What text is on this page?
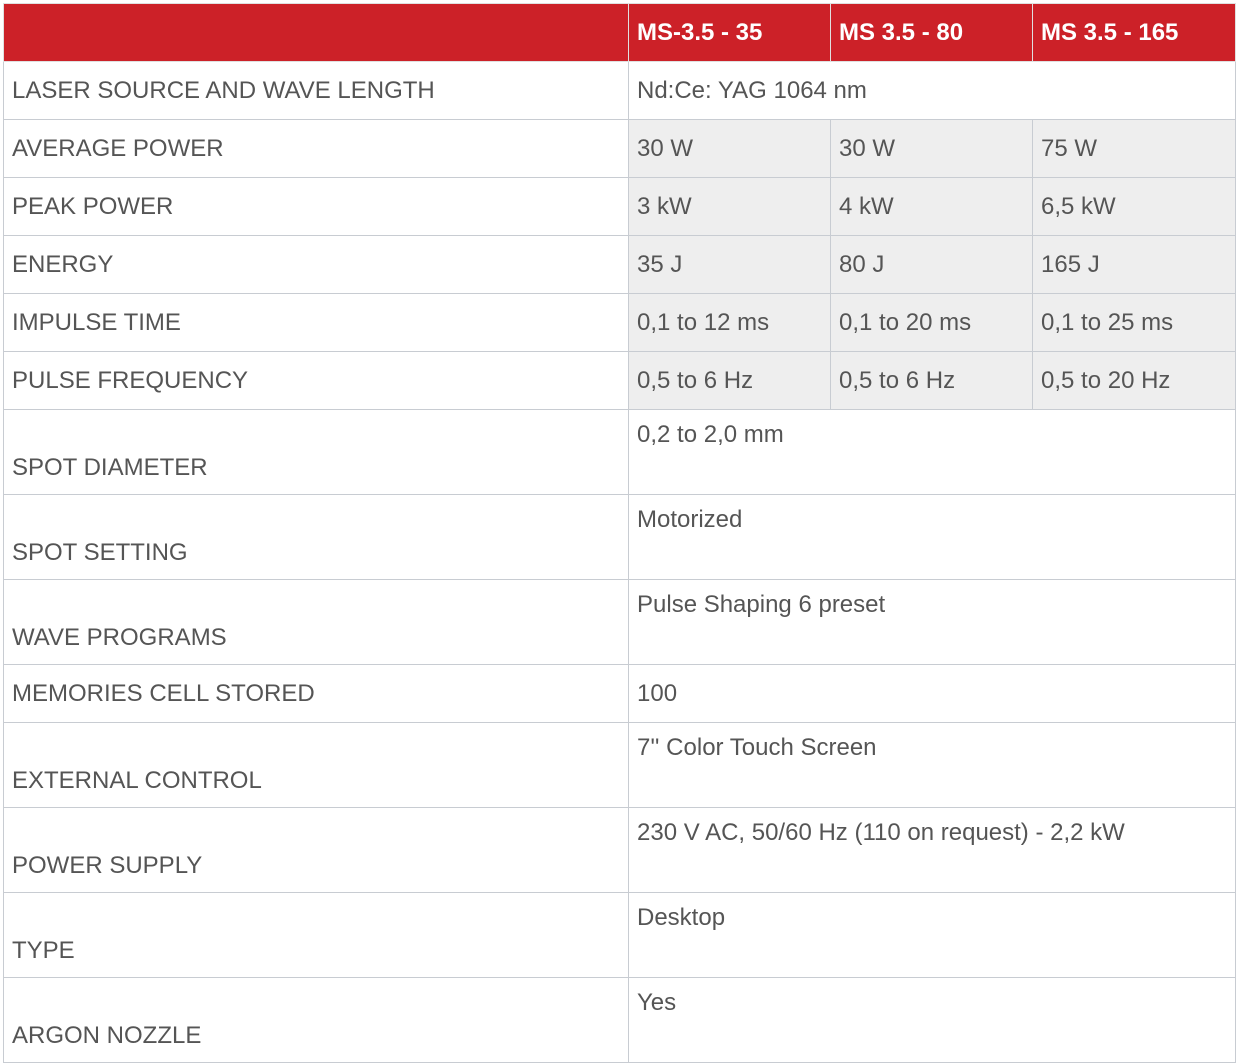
	MS-3.5 - 35	MS 3.5 - 80	MS 3.5 - 165
LASER SOURCE AND WAVE LENGTH	Nd:Ce: YAG 1064 nm		
AVERAGE POWER	30 W	30 W	75 W
PEAK POWER	3 kW	4 kW	6,5 kW
ENERGY	35 J	80 J	165 J
IMPULSE TIME	0,1 to 12 ms	0,1 to 20 ms	0,1 to 25 ms
PULSE FREQUENCY	0,5 to 6 Hz	0,5 to 6 Hz	0,5 to 20 Hz
SPOT DIAMETER	0,2 to 2,0 mm		
SPOT SETTING	Motorized		
WAVE PROGRAMS	Pulse Shaping 6 preset		
MEMORIES CELL STORED	100		
EXTERNAL CONTROL	7'' Color Touch Screen		
POWER SUPPLY	230 V AC, 50/60 Hz (110 on request) - 2,2 kW		
TYPE	Desktop		
ARGON NOZZLE	Yes		
